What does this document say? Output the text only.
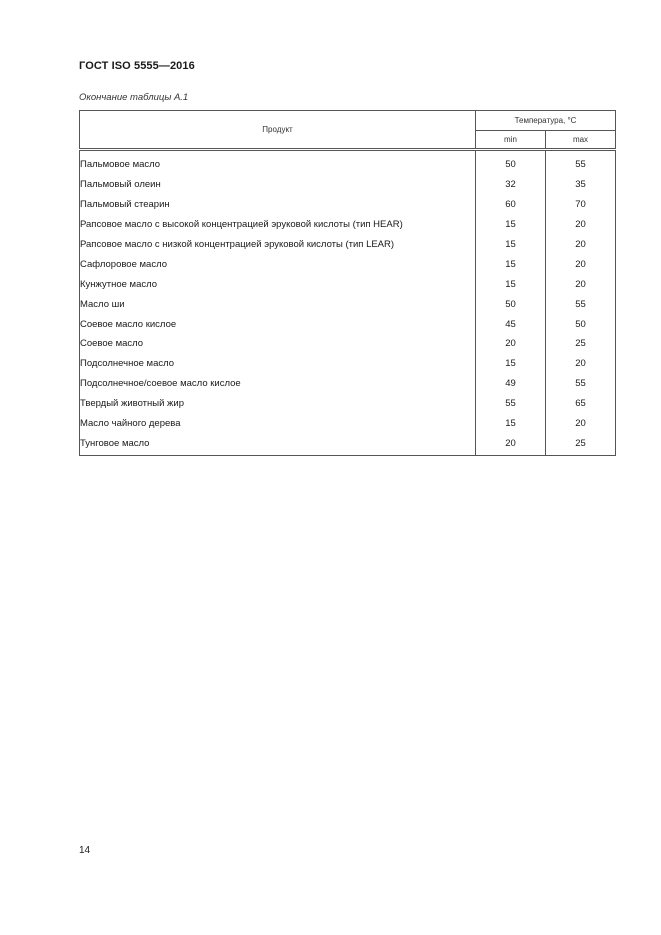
ГОСТ ISO 5555—2016
Окончание таблицы А.1
Продукт	Температура, °С	
	min	max
Пальмовое масло	50	55
Пальмовый олеин	32	35
Пальмовый стеарин	60	70
Рапсовое масло с высокой концентрацией эруковой кислоты (тип HEAR)	15	20
Рапсовое масло с низкой концентрацией эруковой кислоты (тип LEAR)	15	20
Сафлоровое масло	15	20
Кунжутное масло	15	20
Масло ши	50	55
Соевое масло кислое	45	50
Соевое масло	20	25
Подсолнечное масло	15	20
Подсолнечное/соевое масло кислое	49	55
Твердый животный жир	55	65
Масло чайного дерева	15	20
Тунговое масло	20	25
14
